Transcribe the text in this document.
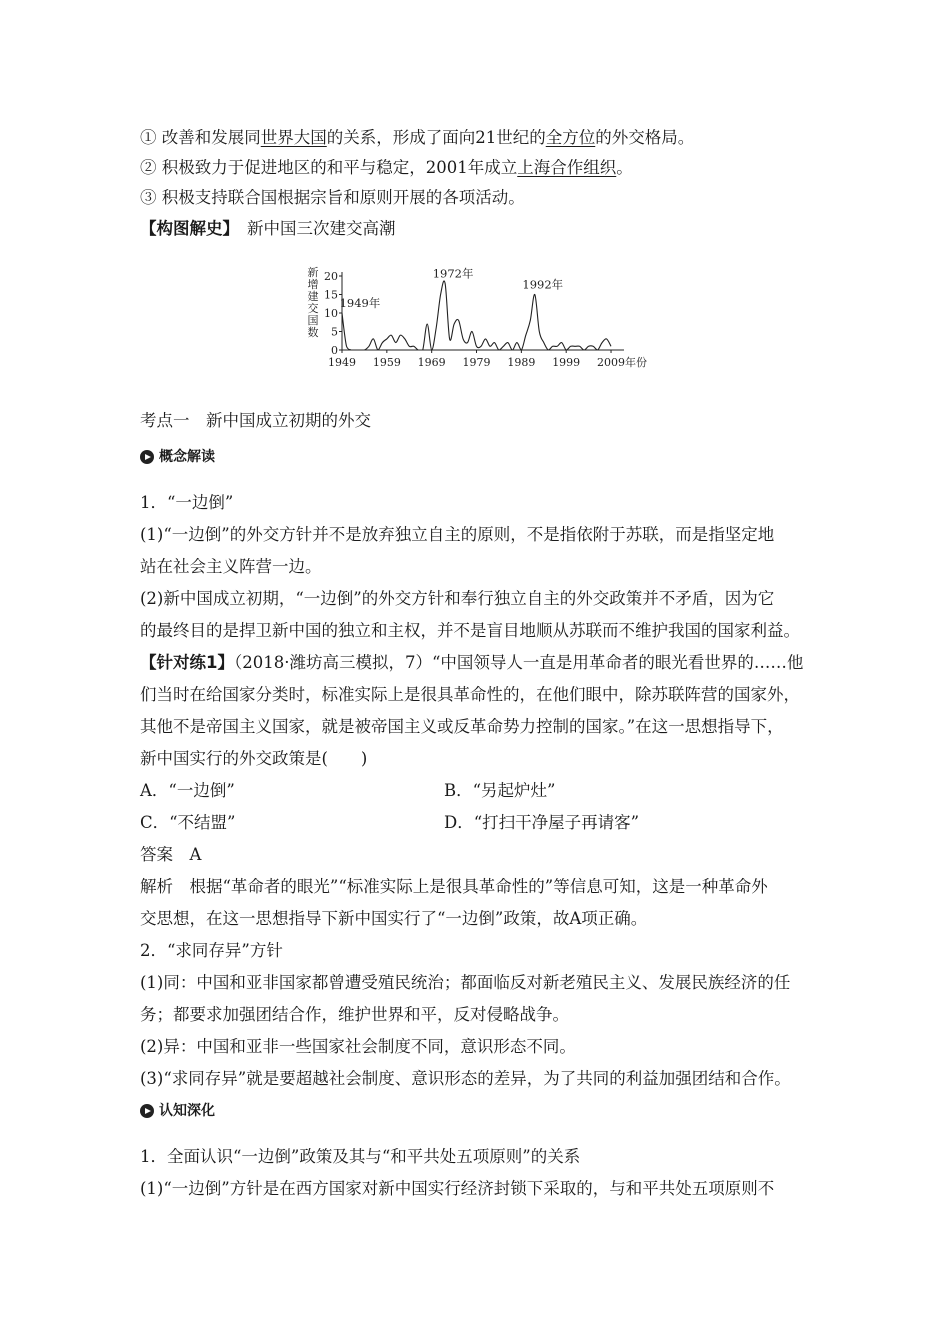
① 改善和发展同世界大国的关系，形成了面向21世纪的全方位的外交格局。
② 积极致力于促进地区的和平与稳定，2001年成立上海合作组织。
③ 积极支持联合国根据宗旨和原则开展的各项活动。
【构图解史】 新中国三次建交高潮
新
增
建
交
国
数
0
5
10
15
20
1949 1959 1969 1979 1989 1999 2009 年份
1949年
1972年
1992年
考点一　新中国成立初期的外交
概念解读
1．“一边倒”
(1)“一边倒”的外交方针并不是放弃独立自主的原则，不是指依附于苏联，而是指坚定地
站在社会主义阵营一边。
(2)新中国成立初期，“一边倒”的外交方针和奉行独立自主的外交政策并不矛盾，因为它
的最终目的是捍卫新中国的独立和主权，并不是盲目地顺从苏联而不维护我国的国家利益。
【针对练1】（2018·潍坊高三模拟，7）“中国领导人一直是用革命者的眼光看世界的……他
们当时在给国家分类时，标准实际上是很具革命性的，在他们眼中，除苏联阵营的国家外，
其他不是帝国主义国家，就是被帝国主义或反革命势力控制的国家。”在这一思想指导下，
新中国实行的外交政策是(　　)
A．“一边倒”	B．“另起炉灶”
C．“不结盟”	D．“打扫干净屋子再请客”
答案　A
解析　根据“革命者的眼光”“标准实际上是很具革命性的”等信息可知，这是一种革命外
交思想，在这一思想指导下新中国实行了“一边倒”政策，故A项正确。
2．“求同存异”方针
(1)同：中国和亚非国家都曾遭受殖民统治；都面临反对新老殖民主义、发展民族经济的任
务；都要求加强团结合作，维护世界和平，反对侵略战争。
(2)异：中国和亚非一些国家社会制度不同，意识形态不同。
(3)“求同存异”就是要超越社会制度、意识形态的差异，为了共同的利益加强团结和合作。
认知深化
1．全面认识“一边倒”政策及其与“和平共处五项原则”的关系
(1)“一边倒”方针是在西方国家对新中国实行经济封锁下采取的，与和平共处五项原则不
